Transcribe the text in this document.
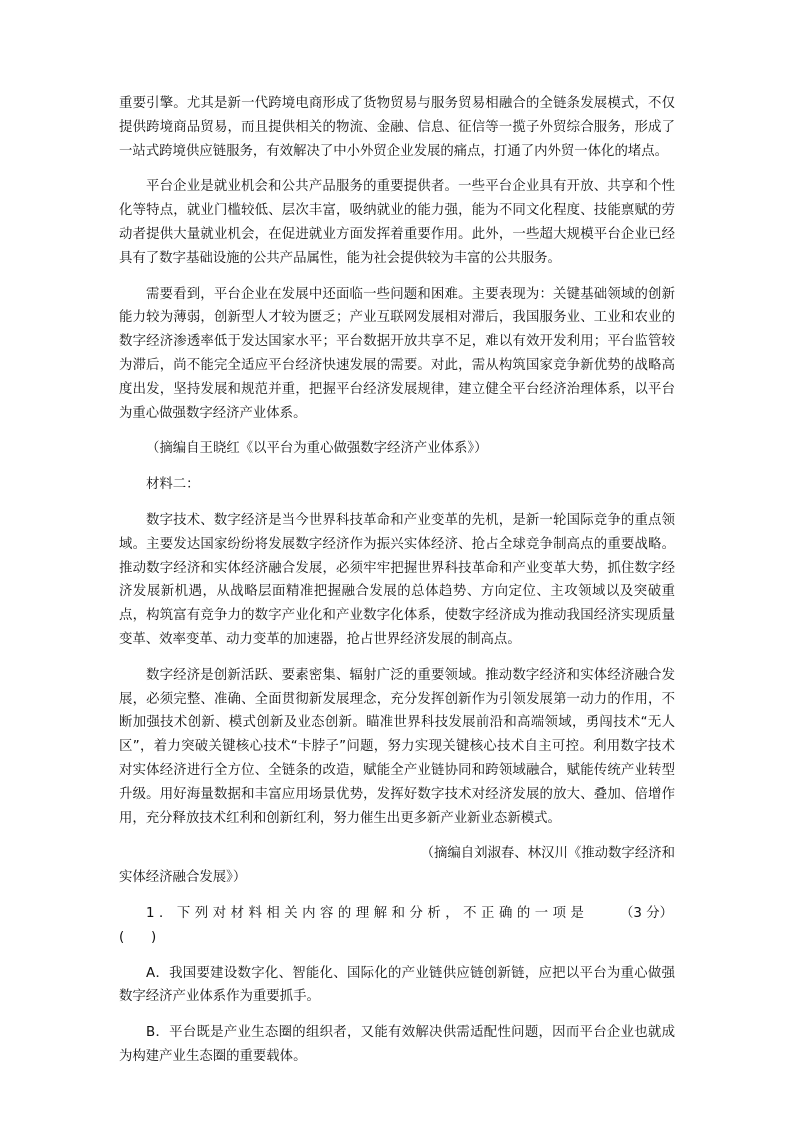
重要引擎。尤其是新一代跨境电商形成了货物贸易与服务贸易相融合的全链条发展模式，不仅提供跨境商品贸易，而且提供相关的物流、金融、信息、征信等一揽子外贸综合服务，形成了一站式跨境供应链服务，有效解决了中小外贸企业发展的痛点，打通了内外贸一体化的堵点。

平台企业是就业机会和公共产品服务的重要提供者。一些平台企业具有开放、共享和个性化等特点，就业门槛较低、层次丰富，吸纳就业的能力强，能为不同文化程度、技能禀赋的劳动者提供大量就业机会，在促进就业方面发挥着重要作用。此外，一些超大规模平台企业已经具有了数字基础设施的公共产品属性，能为社会提供较为丰富的公共服务。

需要看到，平台企业在发展中还面临一些问题和困难。主要表现为：关键基础领域的创新能力较为薄弱，创新型人才较为匮乏；产业互联网发展相对滞后，我国服务业、工业和农业的数字经济渗透率低于发达国家水平；平台数据开放共享不足，难以有效开发利用；平台监管较为滞后，尚不能完全适应平台经济快速发展的需要。对此，需从构筑国家竞争新优势的战略高度出发，坚持发展和规范并重，把握平台经济发展规律，建立健全平台经济治理体系，以平台为重心做强数字经济产业体系。

（摘编自王晓红《以平台为重心做强数字经济产业体系》）

材料二：

数字技术、数字经济是当今世界科技革命和产业变革的先机，是新一轮国际竞争的重点领域。主要发达国家纷纷将发展数字经济作为振兴实体经济、抢占全球竞争制高点的重要战略。推动数字经济和实体经济融合发展，必须牢牢把握世界科技革命和产业变革大势，抓住数字经济发展新机遇，从战略层面精准把握融合发展的总体趋势、方向定位、主攻领域以及突破重点，构筑富有竞争力的数字产业化和产业数字化体系，使数字经济成为推动我国经济实现质量变革、效率变革、动力变革的加速器，抢占世界经济发展的制高点。

数字经济是创新活跃、要素密集、辐射广泛的重要领域。推动数字经济和实体经济融合发展，必须完整、准确、全面贯彻新发展理念，充分发挥创新作为引领发展第一动力的作用，不断加强技术创新、模式创新及业态创新。瞄准世界科技发展前沿和高端领域，勇闯技术“无人区”，着力突破关键核心技术“卡脖子”问题，努力实现关键核心技术自主可控。利用数字技术对实体经济进行全方位、全链条的改造，赋能全产业链协同和跨领域融合，赋能传统产业转型升级。用好海量数据和丰富应用场景优势，发挥好数字技术对经济发展的放大、叠加、倍增作用，充分释放技术红利和创新红利，努力催生出更多新产业新业态新模式。

（摘编自刘淑春、林汉川《推动数字经济和

实体经济融合发展》）

1．下列对材料相关内容的理解和分析，不正确的一项是	（3 分）
(　　)

A．我国要建设数字化、智能化、国际化的产业链供应链创新链，应把以平台为重心做强数字经济产业体系作为重要抓手。

B．平台既是产业生态圈的组织者，又能有效解决供需适配性问题，因而平台企业也就成为构建产业生态圈的重要载体。
